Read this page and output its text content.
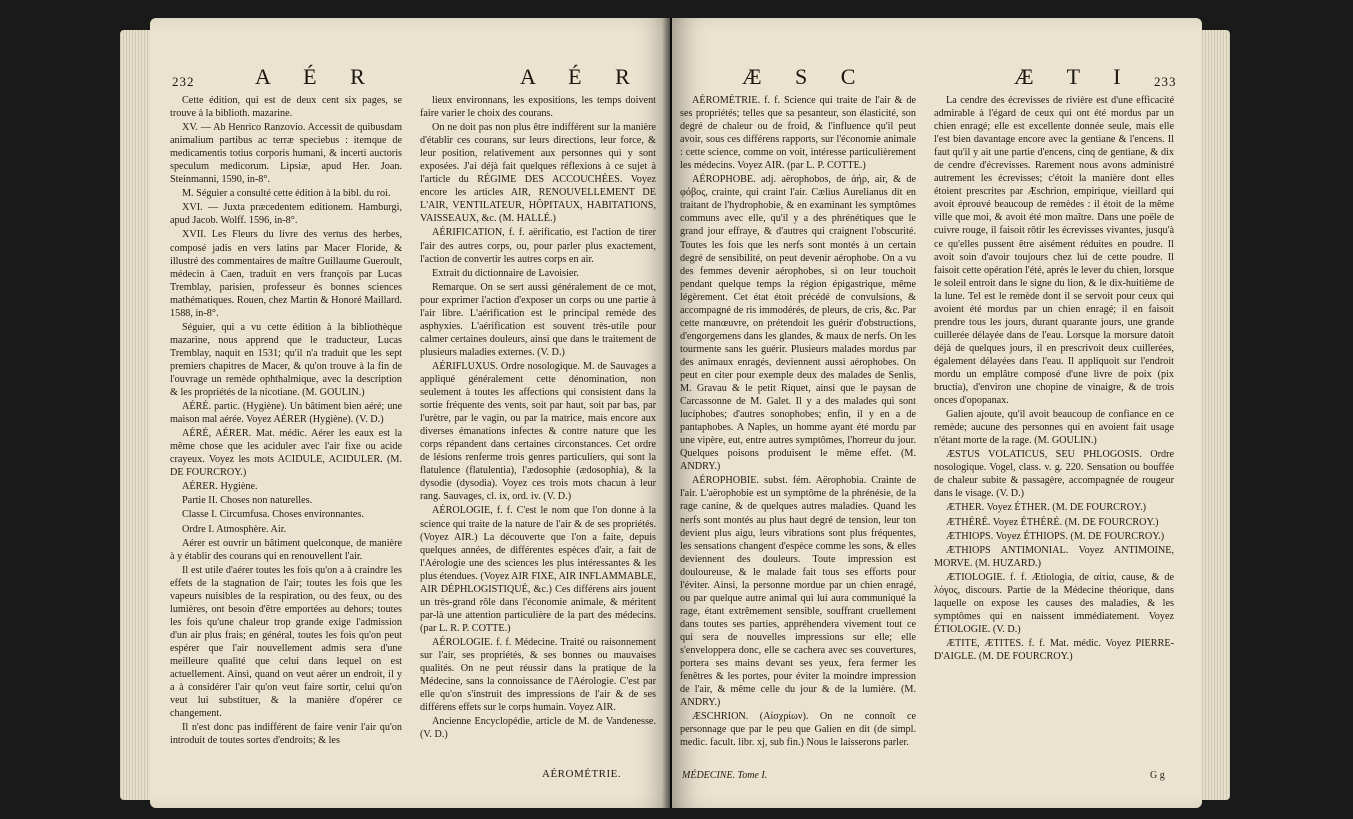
232	A É R	A É R

Cette édition, qui est de deux cent six pages, se trouve à la biblioth. mazarine.

XV. — Ab Henrico Ranzovio. Accessit de quibusdam animalium partibus ac terræ speciebus : itemque de medicamentis totius corporis humani, & incerti auctoris speculum medicorum. Lipsiæ, apud Her. Joan. Steinmanni, 1590, in-8°.

M. Séguier a consulté cette édition à la bibl. du roi.

XVI. — Juxta præcedentem editionem. Hamburgi, apud Jacob. Wolff. 1596, in-8°.

XVII. Les Fleurs du livre des vertus des herbes, composé jadis en vers latins par Macer Floride, & illustré des commentaires de maître Guillaume Gueroult, médecin à Caen, traduit en vers françois par Lucas Tremblay, parisien, professeur ès bonnes sciences mathématiques. Rouen, chez Martin & Honoré Maillard. 1588, in-8°.

Séguier, qui a vu cette édition à la bibliothèque mazarine, nous apprend que le traducteur, Lucas Tremblay, naquit en 1531; qu'il n'a traduit que les sept premiers chapitres de Macer, & qu'on trouve à la fin de l'ouvrage un remède ophthalmique, avec la description & les propriétés de la nicotiane. (M. GOULIN.)

AÉRÉ. partic. (Hygiène). Un bâtiment bien aéré; une maison mal aérée. Voyez AÉRER (Hygiène). (V. D.)

AÉRÉ, AÉRER. Mat. médic. Aérer les eaux est la même chose que les aciduler avec l'air fixe ou acide crayeux. Voyez les mots ACIDULE, ACIDULER. (M. DE FOURCROY.)

AÉRER. Hygiène.

Partie II. Choses non naturelles.

Classe I. Circumfusa. Choses environnantes.

Ordre I. Atmosphère. Air.

Aérer est ouvrir un bâtiment quelconque, de manière à y établir des courans qui en renouvellent l'air.

Il est utile d'aérer toutes les fois qu'on a à craindre les effets de la stagnation de l'air; toutes les fois que les vapeurs nuisibles de la respiration, ou des feux, ou des lumières, ont besoin d'être emportées au dehors; toutes les fois qu'une chaleur trop grande exige l'admission d'un air plus frais; en général, toutes les fois qu'on peut espérer que l'air nouvellement admis sera d'une meilleure qualité que celui dans lequel on est actuellement. Ainsi, quand on veut aérer un endroit, il y a à considérer l'air qu'on veut faire sortir, celui qu'on veut lui substituer, & la manière d'opérer ce changement.

Il n'est donc pas indifférent de faire venir l'air qu'on introduit de toutes sortes d'endroits; & les

lieux environnans, les expositions, les temps doivent faire varier le choix des courans.

On ne doit pas non plus être indifférent sur la manière d'établir ces courans, sur leurs directions, leur force, & leur position, relativement aux personnes qui y sont exposées. J'ai déjà fait quelques réflexions à ce sujet à l'article du RÉGIME DES ACCOUCHÉES. Voyez encore les articles AIR, RENOUVELLEMENT DE L'AIR, VENTILATEUR, HÔPITAUX, HABITATIONS, VAISSEAUX, &c. (M. HALLÉ.)

AÉRIFICATION, f. f. aërificatio, est l'action de tirer l'air des autres corps, ou, pour parler plus exactement, l'action de convertir les autres corps en air.

Extrait du dictionnaire de Lavoisier.

Remarque. On se sert aussi généralement de ce mot, pour exprimer l'action d'exposer un corps ou une partie à l'air libre. L'aérification est le principal remède des asphyxies. L'aérification est souvent très-utile pour calmer certaines douleurs, ainsi que dans le traitement de plusieurs maladies externes. (V. D.)

AÉRIFLUXUS. Ordre nosologique. M. de Sauvages a appliqué généralement cette dénomination, non seulement à toutes les affections qui consistent dans la sortie fréquente des vents, soit par haut, soit par bas, par l'urètre, par le vagin, ou par la matrice, mais encore aux diverses émanations infectes & contre nature que les corps répandent dans certaines circonstances. Cet ordre de lésions renferme trois genres particuliers, qui sont la flatulence (flatulentia), l'ædosophie (ædosophia), & la dysodie (dysodia). Voyez ces trois mots chacun à leur rang. Sauvages, cl. ix, ord. iv. (V. D.)

AÉROLOGIE, f. f. C'est le nom que l'on donne à la science qui traite de la nature de l'air & de ses propriétés. (Voyez AIR.) La découverte que l'on a faite, depuis quelques années, de différentes espèces d'air, a fait de l'Aérologie une des sciences les plus intéressantes & les plus étendues. (Voyez AIR FIXE, AIR INFLAMMABLE, AIR DÉPHLOGISTIQUÉ, &c.) Ces différens airs jouent un très-grand rôle dans l'économie animale, & méritent par-là une attention particulière de la part des médecins. (par L. R. P. COTTE.)

AÉROLOGIE. f. f. Médecine. Traité ou raisonnement sur l'air, ses propriétés, & ses bonnes ou mauvaises qualités. On ne peut réussir dans la pratique de la Médecine, sans la connoissance de l'Aérologie. C'est par elle qu'on s'instruit des impressions de l'air & de ses différens effets sur le corps humain. Voyez AIR.

Ancienne Encyclopédie, article de M. de Vandenesse. (V. D.)

AÉROMÉTRIE.
Æ S C	Æ T I 233

AÉROMÉTRIE. f. f. Science qui traite de l'air & de ses propriétés; telles que sa pesanteur, son élasticité, son degré de chaleur ou de froid, & l'influence qu'il peut avoir, sous ces différens rapports, sur l'économie animale : cette science, comme on voit, intéresse particulièrement les médecins. Voyez AIR. (par L. P. COTTE.)

AÉROPHOBE. adj. aërophobos, de ἀήρ, air, & de φόβος, crainte, qui craint l'air. Cælius Aurelianus dit en traitant de l'hydrophobie, & en examinant les symptômes communs avec elle, qu'il y a des phrénétiques que le grand jour effraye, & d'autres qui craignent l'obscurité. Toutes les fois que les nerfs sont montés à un certain degré de sensibilité, on peut devenir aérophobe. On a vu des femmes devenir aérophobes, si on leur touchoit pendant quelque temps la région épigastrique, même légèrement. Cet état étoit précédé de convulsions, & accompagné de ris immodérés, de pleurs, de cris, &c. Par cette manœuvre, on prétendoit les guérir d'obstructions, d'engorgemens dans les glandes, & maux de nerfs. On les tourmente sans les guérir. Plusieurs malades mordus par des animaux enragés, deviennent aussi aérophobes. On peut en citer pour exemple deux des malades de Senlis, M. Gravau & le petit Riquet, ainsi que le paysan de Carcassonne de M. Galet. Il y a des malades qui sont lucíphobes; d'autres sonophobes; enfin, il y en a de pantaphobes. A Naples, un homme ayant été mordu par une vipère, eut, entre autres symptômes, l'horreur du jour. Quelques poisons produisent le même effet. (M. ANDRY.)

AÉROPHOBIE. subst. fém. Aërophobia. Crainte de l'air. L'aërophobie est un symptôme de la phrénésie, de la rage canine, & de quelques autres maladies. Quand les nerfs sont montés au plus haut degré de tension, leur ton devient plus aigu, leurs vibrations sont plus fréquentes, les sensations changent d'espèce comme les sons, & elles deviennent des douleurs. Toute impression est douloureuse, & le malade fait tous ses efforts pour l'éviter. Ainsi, la personne mordue par un chien enragé, ou par quelque autre animal qui lui aura communiqué la rage, étant extrêmement sensible, souffrant cruellement dans toutes ses parties, appréhendera vivement tout ce qui sera de nouvelles impressions sur elle; elle s'enveloppera donc, elle se cachera avec ses couvertures, portera ses mains devant ses yeux, fera fermer les fenêtres & les portes, pour éviter la moindre impression de l'air, & même celle du jour & de la lumière. (M. ANDRY.)

ÆSCHRION. (Αἰσχρίων). On ne connoît ce personnage que par le peu que Galien en dit (de simpl. medic. facult. libr. xj, sub fin.) Nous le laisserons parler.

La cendre des écrevisses de rivière est d'une efficacité admirable à l'égard de ceux qui ont été mordus par un chien enragé; elle est excellente donnée seule, mais elle l'est bien davantage encore avec la gentiane & l'encens. Il faut qu'il y ait une partie d'encens, cinq de gentiane, & dix de cendre d'écrevisses. Rarement nous avons administré autrement les écrevisses; c'étoit la manière dont elles étoient prescrites par Æschrion, empirique, vieillard qui avoit éprouvé beaucoup de remèdes : il étoit de la même ville que moi, & avoit été mon maître. Dans une poële de cuivre rouge, il faisoit rôtir les écrevisses vivantes, jusqu'à ce qu'elles pussent être aisément réduites en poudre. Il avoit soin d'avoir toujours chez lui de cette poudre. Il faisoit cette opération l'été, après le lever du chien, lorsque le soleil entroit dans le signe du lion, & le dix-huitième de la lune. Tel est le remède dont il se servoit pour ceux qui avoient été mordus par un chien enragé; il en faisoit prendre tous les jours, durant quarante jours, une grande cuillerée délayée dans de l'eau. Lorsque la morsure datoit déjà de quelques jours, il en prescrivoit deux cuillerées, également délayées dans l'eau. Il appliquoit sur l'endroit mordu un emplâtre composé d'une livre de poix (pix bructia), d'environ une chopine de vinaigre, & de trois onces d'opopanax.

Galien ajoute, qu'il avoit beaucoup de confiance en ce remède; aucune des personnes qui en avoient fait usage n'étant morte de la rage. (M. GOULIN.)

ÆSTUS VOLATICUS, SEU PHLOGOSIS. Ordre nosologique. Vogel, class. v. g. 220. Sensation ou bouffée de chaleur subite & passagère, accompagnée de rougeur dans le visage. (V. D.)

ÆTHER. Voyez ÉTHER. (M. DE FOURCROY.)

ÆTHÉRÉ. Voyez ÉTHÉRÉ. (M. DE FOURCROY.)

ÆTHIOPS. Voyez ÉTHIOPS. (M. DE FOURCROY.)

ÆTHIOPS ANTIMONIAL. Voyez ANTIMOINE, MORVE. (M. HUZARD.)

ÆTIOLOGIE. f. f. Ætiologia, de αἰτία, cause, & de λόγος, discours. Partie de la Médecine théorique, dans laquelle on expose les causes des maladies, & les symptômes qui en naissent immédiatement. Voyez ÉTIOLOGIE. (V. D.)

ÆTITE, ÆTITES. f. f. Mat. médic. Voyez PIERRE-D'AIGLE. (M. DE FOURCROY.)

MÉDECINE. Tome I.	G g
